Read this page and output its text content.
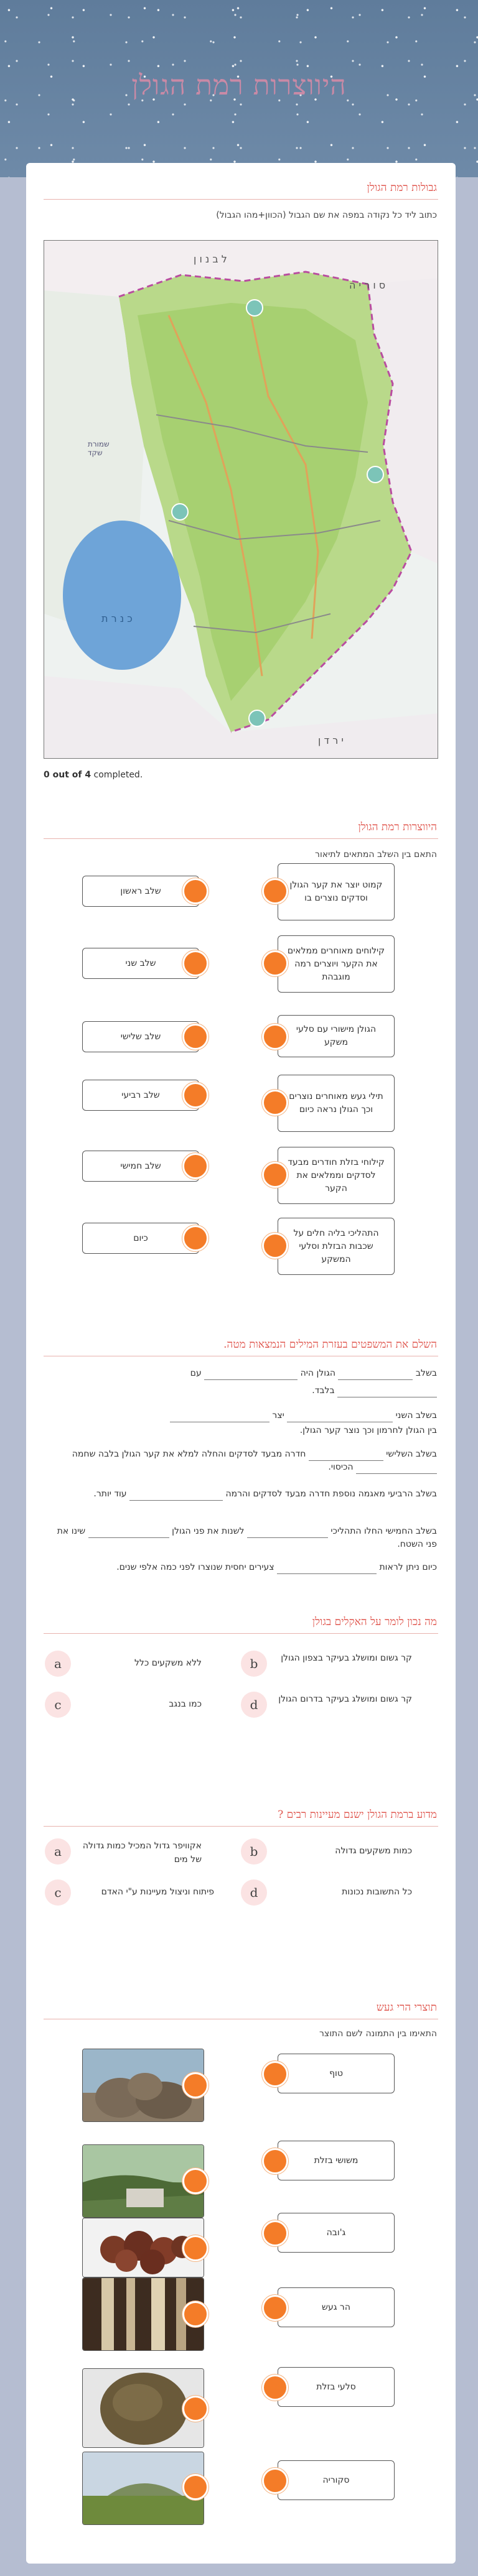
היווצרות רמת הגולן
גבולות רמת הגולן
כתוב ליד כל נקודה במפה את שם הגבול (הכוון+מהו הגבול)
ל ב נ ו ן
ס ו ר י ה
כ נ ר ת
י ר ד ן
שמורת שקד
0 out of 4 completed.
היווצרות רמת הגולן
התאם בין השלב המתאים לתיאור
שלב ראשון
שלב שני
שלב שלישי
שלב רביעי
שלב חמישי
כיום
קמוט יוצר את קער הגולן וסדקים נוצרים בו
קילוחים מאוחרים ממלאים את הקער ויוצרים רמה מוגבהת
הגולן מישורי עם סלעי משקע
תילי געש מאוחרים נוצרים וכך הגולן נראה כיום
קילוחי בזלת חודרים מבעד לסדקים וממלאים את הקער
התהליכי בליה חלים על שכבות הבזלת וסלעי המשקע
השלם את המשפטים בעזרת המילים הנמצאות מטה.
בשלב  הגולן היה  עם
בלבד.
בשלב השני  יצר
בין הגולן לחרמון וכך נוצר קער הגולן.
בשלב השלישי  חדרה מבעד לסדקים והחלה למלא את קער הגולן בלבה שחמה  הכיסוי.
בשלב הרביעי מאגמה נוספת חדרה מבעד לסדקים והרמה  עוד יותר.
בשלב החמישי החלו התהליכי  לשנות את פני הגולן  שינו את פני השטח.
כיום ניתן לראות  צעירים יחסית שנוצרו לפני כמה אלפי שנים.
מה נכון לומר על האקלים בגולן
a	ללא משקעים כלל	b	קר גשום ומושלג בעיקר בצפון הגולן
c	כמו בנגב	d	קר גשום ומושלג בעיקר בדרום הגולן
מדוע ברמת הגולן ישנם מעיינות רבים ?
a	אקוויפר גדול המכיל כמות גדולה של מים
b	כמות משקעים גדולה
c	פיתוח וניצול מעיינות ע"י האדם	d	כל התשובות נכונות
תוצרי הרי געש
התאימו בין התמונה לשם התוצר
טוף
משושי בזלת
ג'ובה
הר געש
סלעי בזלת
סקוריה
